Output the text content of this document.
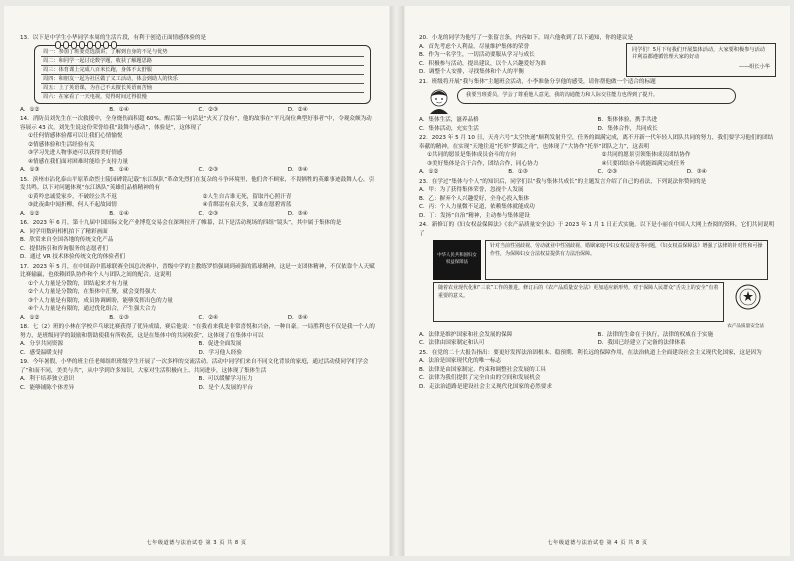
13．以下是中学生小华同学本周的生活片段，有利于创造正面情感体验的是

周一：参加了班委竞选演讲，了解到自身的不足与优势
周二：和同学一起讨论数学题，收获了解题思路
周三：体育课上完成八百米长跑，身体不太舒服
周四：和朋友一起为社区做了义工活动，体会到助人的快乐
周五：上了英语课，为自己不太擅长英语而苦恼
周六：在家看了一天电视，觉得时间过得很慢
A．①②	B．①④	C．②③	D．②④

14．消防员刘先生在一次救援中，全身烧伤面积超 60%。醒后第一句话是“火灭了没有”，他的故事在“平凡岗位典型好事者”中，令观众颇为动容展示 43 次。刘先生说这份荣誉给我“鼓舞与感动”，体验是”，这体现了

①任何情感体验都可以让我们心情愉悦
②情感体验和生活经验有关
③学习先进人物事迹可以获得美好情感
④情感在我们面对困难时能给予支持力量
A．①③	B．①④	C．②③	D．③④

15．滨州市沾化泰山平原革命烈士陵园碑铭记载“东江纵队”革命先烈们在复杂的斗争环境里，他们舍不顾家，不畏牺牲的英雄事迹鼓舞人心，引发共鸣。以下对问题体现“东江纵队”英雄们品格精神的有

①黄吟忠诚爱家乡，不破经公共不返	②人生自古谁无死，留取丹心照汗青
③此夜曲中闻折柳，何人不起故园情	④肯绑雷有泉天多，叉谁在愿碧霄蓝
A．①②	B．①④	C．②③	D．③④

16．2023 年 6 月，第十九届中国国际文化产业博览交易会在深圳拉开了帷幕，以下是活动现场的四组“镜头”，其中属于集体的是

A．同学用数码相机拍下了精彩画面
B．欣赏来自全国各地的传统文化产品
C．提供指引和咨询服务的志愿者们
D．通过 VR 技术体验传统文化的体验者们

17．2023 年 5 月，在中国高中篮球联赛全国总决赛中，晋级中学的主教练罗恰强调到顽强的篮球精神，这是一支团体精神，不仅依靠个人天赋比赛输赢，也依赖团队协作和个人与团队之间的配合。这说明

①个人力量是分散的，团结起来才有力量
②个人力量是分散的，在集体中汇聚，就会变得强大
③个人力量是有限的，成员协调顾盼，能够发挥出色的力量
④个人力量是有限的，通过优化组合，产生强大合力
A．①②	B．①③	C．②④	D．③④

18．七（2）班的小林在学校乒乓球比赛获得了优异成绩，赛后他说：“在我看来我是非常喜悦和兴奋，一种自豪。一局胜利也不仅是我一个人的努力，是班级同学的鼓励和帮助使我有所收获，这是在集体中的共同收获”，这体现了在集体中可以

A．分享共同资源	B．促进全面发展
C．感受温暖支持	D．学习他人经验

19．今年暑假，小华的班主任老师组织班级学生开展了一次多样的交流活动。活动中同学们来自不同文化背景的家庭，通过活动使同学们学会了“和而不同，美美与共”，从中学到许多知识，大家对生活积极向上、共同进步，这体现了集体生活

A．利于培养独立意识	B．可以缓解学习压力
C．能够铺陈个体差异	D．是个人发展的平台
七年级道德与法治试卷 第 3 页 共 8 页

20．小龙的同学为他写了一张留言条，内容如下。周六他收到了以下通知，你的建议是

A．首先考虑个人利益，尽量维护集体的荣誉
B．作为一名学生，一切活动要服从学习与成长
C．积极参与活动，提出建议，以个人兴趣爱好为准
D．调整个人安排，寻找集体和个人的平衡
同学们！5月下旬我们开展集体活动，大家要积极参与活动并利益都遵循管理大家的好动
——组长小华

21．班级将开展“我与集体”主题班会活动，小李准备分享他的感受，请你帮他做一个适合的标题

我要当班委员，学会了尊重他人意见，我的沟通能力和人际交往能力也得到了提升。
A．集体生活，滋养品格	B．集体体验，携手共进
C．集体活动，充实生活	D．集体合作，共同成长

22．2023 年 5 月 10 日，天舟六号“太空快递”顺利发射升空，任务的圆满完成，离不开新一代年轻人团队共同的努力，我们要学习他们的团结奉献的精神，在实现“天地往返”托举“梦圆之舟”，也体现了“大协作”托举“团队之力”，这表明

①共同的愿景是集体成员奋斗的方向	②共同的愿景引领集体成员团结协作
③美好集体是合于合作，团结合作，同心协力	④只要团结奋斗就能圆满完成任务
A．①②	B．①③	C．②③	D．③④

23．在学过“集体与个人”的知识后，同学们以“我与集体共成长”的主题发言介绍了自己的看法，下列说法你赞同的是

A．甲：为了获得集体荣誉，忽视个人发展
B．乙：摒弃个人兴趣爱好，全身心投入集体
C．丙：个人力量微不足道，依赖集体就能成功
D．丁：发扬“自治”精神，主动参与集体建设

24．新修订的《妇女权益保障法》《农产品质量安全法》于 2023 年 1 月 1 日正式实施。以下是小丽在中国人大网上查阅的资料，它们共同说明了

中华人民共和国妇女权益保障法
针对当前性别歧视、劳动就业中性别歧视、婚姻家庭中妇女权益侵害等问题，《妇女权益保障法》增强了法律的针对性和可操作性，为保障妇女合法权益提供有力法治保障。
随着农业现代化和“三农”工作的推进，修订后的《农产品质量安全法》更加适应新形势，对于保障人民群众“舌尖上的安全”有着重要的意义。
农产品质量安全法
A．法律是维护国家和社会发展的保障	B．法律的生命在于执行，法律的权威在于实施
C．法律由国家制定和认可	D．我国已经建立了完备的法律体系

25．在党的二十大报告指出：要更好发挥法治固根本、稳预期、利长远的保障作用，在法治轨道上全面建设社会主义现代化国家，这是因为

A．法治是国家现代化的唯一标志
B．法律是由国家制定、约束和调整社会发展的工具
C．法律为我们提供了完全自由的空间和发展机会
D．走法治道路是建设社会主义现代化国家的必然要求
七年级道德与法治试卷 第 4 页 共 8 页
